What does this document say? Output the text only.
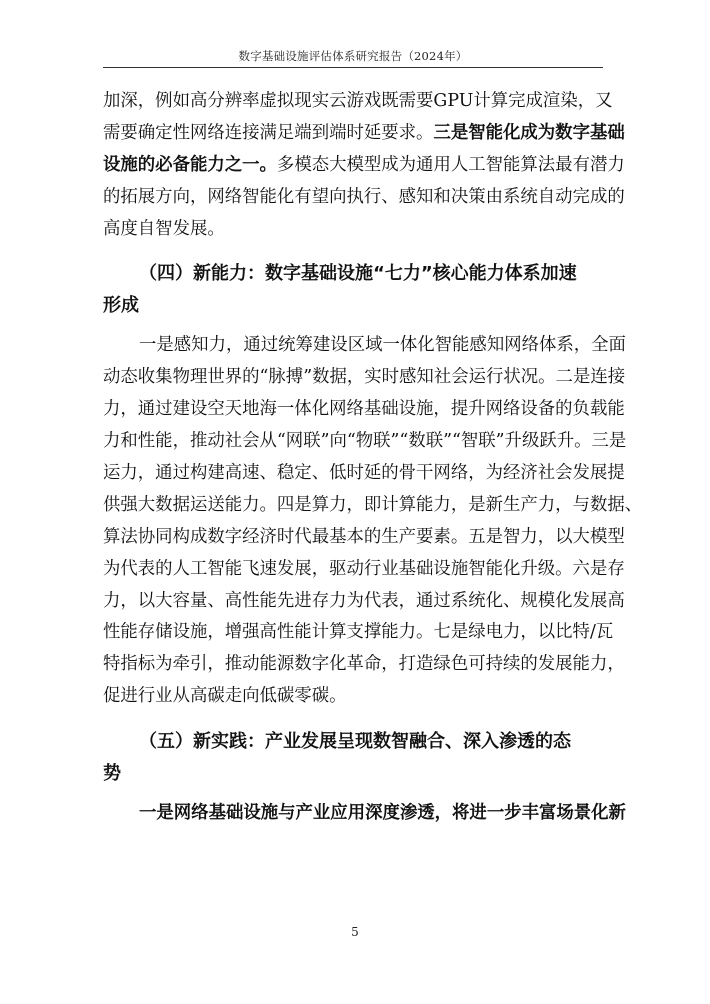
数字基础设施评估体系研究报告（2024年）
加深，例如高分辨率虚拟现实云游戏既需要GPU计算完成渲染，又
需要确定性网络连接满足端到端时延要求。三是智能化成为数字基础
设施的必备能力之一。多模态大模型成为通用人工智能算法最有潜力
的拓展方向，网络智能化有望向执行、感知和决策由系统自动完成的
高度自智发展。
（四）新能力：数字基础设施“七力”核心能力体系加速
形成
一是感知力，通过统筹建设区域一体化智能感知网络体系，全面
动态收集物理世界的“脉搏”数据，实时感知社会运行状况。二是连接
力，通过建设空天地海一体化网络基础设施，提升网络设备的负载能
力和性能，推动社会从“网联”向“物联”“数联”“智联”升级跃升。三是
运力，通过构建高速、稳定、低时延的骨干网络，为经济社会发展提
供强大数据运送能力。四是算力，即计算能力，是新生产力，与数据、
算法协同构成数字经济时代最基本的生产要素。五是智力，以大模型
为代表的人工智能飞速发展，驱动行业基础设施智能化升级。六是存
力，以大容量、高性能先进存力为代表，通过系统化、规模化发展高
性能存储设施，增强高性能计算支撑能力。七是绿电力，以比特/瓦
特指标为牵引，推动能源数字化革命，打造绿色可持续的发展能力，
促进行业从高碳走向低碳零碳。
（五）新实践：产业发展呈现数智融合、深入渗透的态
势
一是网络基础设施与产业应用深度渗透，将进一步丰富场景化新
5
